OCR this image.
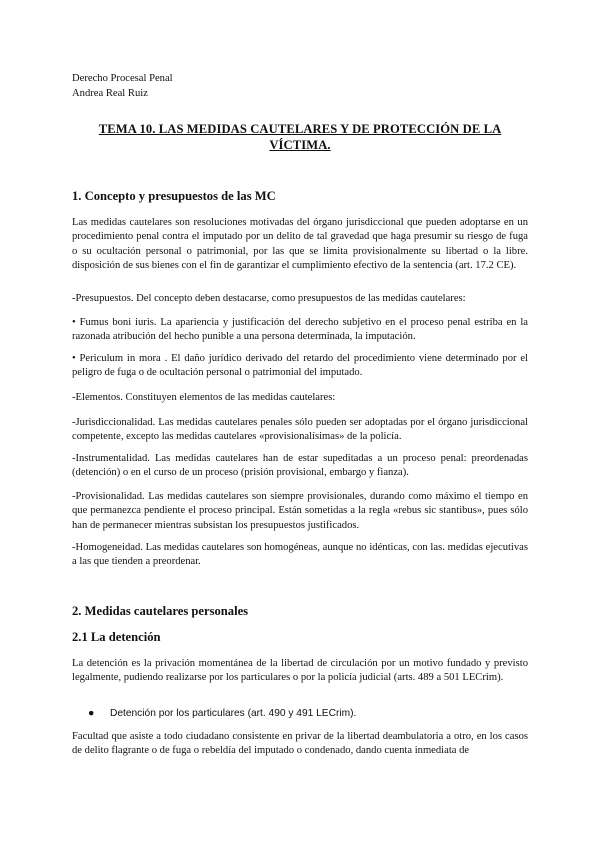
Derecho Procesal Penal
Andrea Real Ruiz
TEMA 10. LAS MEDIDAS CAUTELARES Y DE PROTECCIÓN DE LA VÍCTIMA.
1. Concepto y presupuestos de las MC

Las medidas cautelares son resoluciones motivadas del órgano jurisdiccional que pueden adoptarse en un procedimiento penal contra el imputado por un delito de tal gravedad que haga presumir su riesgo de fuga o su ocultación personal o patrimonial, por las que se limita provisionalmente su libertad o la libre. disposición de sus bienes con el fin de garantizar el cumplimiento efectivo de la sentencia (art. 17.2 CE).

-Presupuestos. Del concepto deben destacarse, como presupuestos de las medidas cautelares:

• Fumus boni iuris. La apariencia y justificación del derecho subjetivo en el proceso penal estriba en la razonada atribución del hecho punible a una persona determinada, la imputación.

• Periculum in mora . El daño jurídico derivado del retardo del procedimiento viene determinado por el peligro de fuga o de ocultación personal o patrimonial del imputado.

-Elementos. Constituyen elementos de las medidas cautelares:

-Jurisdiccionalidad. Las medidas cautelares penales sólo pueden ser adoptadas por el órgano jurisdiccional competente, excepto las medidas cautelares «provisionalísimas» de la policía.

-Instrumentalidad. Las medidas cautelares han de estar supeditadas a un proceso penal: preordenadas (detención) o en el curso de un proceso (prisión provisional, embargo y fianza).

-Provisionalidad. Las medidas cautelares son siempre provisionales, durando como máximo el tiempo en que permanezca pendiente el proceso principal. Están sometidas a la regla «rebus sic stantibus», pues sólo han de permanecer mientras subsistan los presupuestos justificados.

-Homogeneidad. Las medidas cautelares son homogéneas, aunque no idénticas, con las. medidas ejecutivas a las que tienden a preordenar.

2. Medidas cautelares personales
2.1 La detención

La detención es la privación momentánea de la libertad de circulación por un motivo fundado y previsto legalmente, pudiendo realizarse por los particulares o por la policía judicial (arts. 489 a 501 LECrim).

● Detención por los particulares (art. 490 y 491 LECrim).

Facultad que asiste a todo ciudadano consistente en privar de la libertad deambulatoria a otro, en los casos de delito flagrante o de fuga o rebeldía del imputado o condenado, dando cuenta inmediata de
